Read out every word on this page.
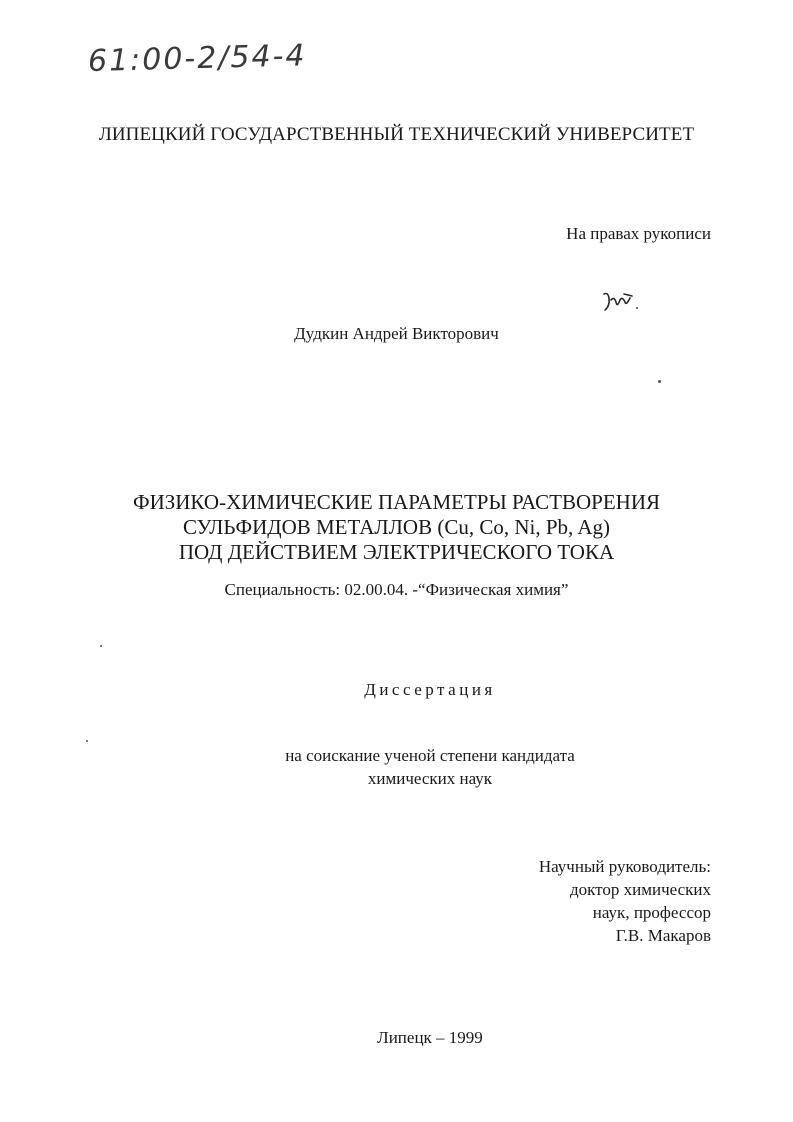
61:00-2/54-4
ЛИПЕЦКИЙ ГОСУДАРСТВЕННЫЙ ТЕХНИЧЕСКИЙ УНИВЕРСИТЕТ
На правах рукописи
Дудкин Андрей Викторович
ФИЗИКО-ХИМИЧЕСКИЕ ПАРАМЕТРЫ РАСТВОРЕНИЯ
СУЛЬФИДОВ МЕТАЛЛОВ (Cu, Co, Ni, Pb, Ag)
ПОД ДЕЙСТВИЕМ ЭЛЕКТРИЧЕСКОГО ТОКА
Специальность: 02.00.04. -“Физическая химия”
Диссертация
на соискание ученой степени кандидата
химических наук
Научный руководитель:
доктор химических
наук, профессор
Г.В. Макаров
Липецк – 1999
